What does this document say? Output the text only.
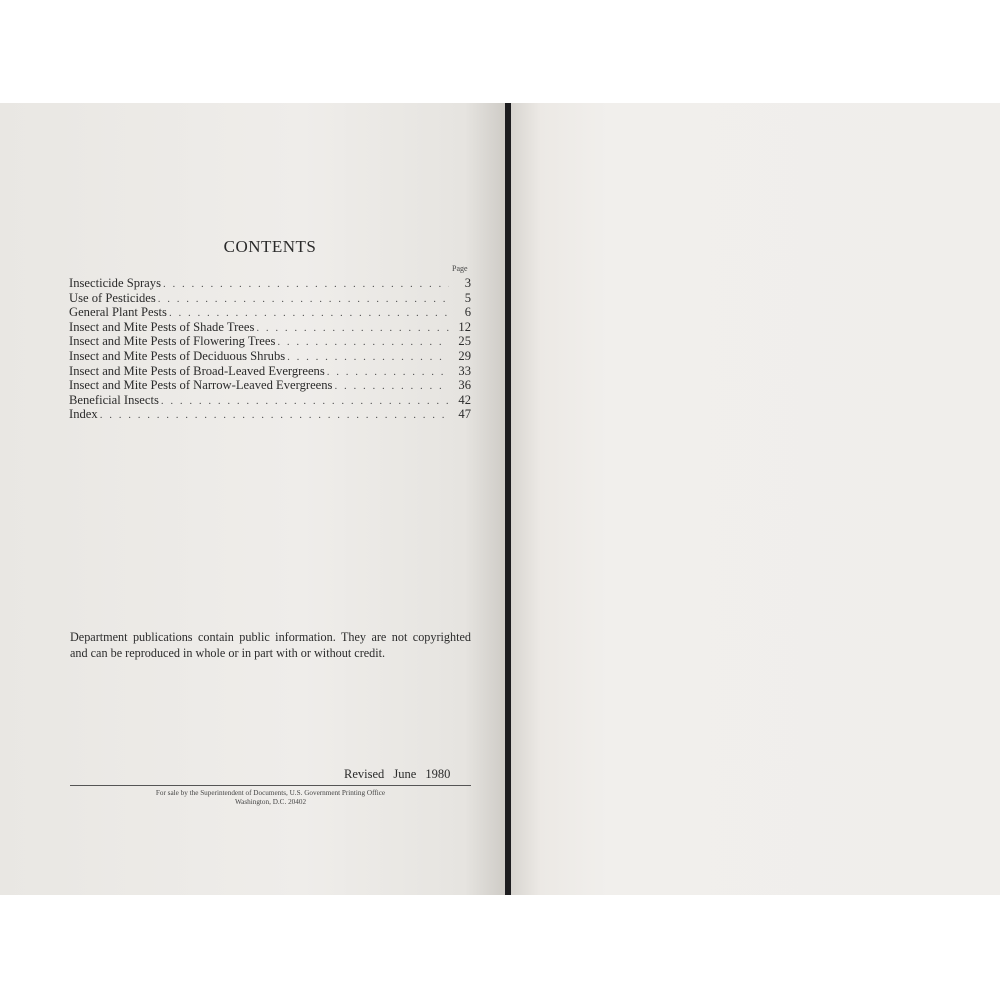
CONTENTS
Page
Insecticide Sprays . . .	3
Use of Pesticides . . .	5
General Plant Pests . . .	6
Insect and Mite Pests of Shade Trees . . .	12
Insect and Mite Pests of Flowering Trees . . .	25
Insect and Mite Pests of Deciduous Shrubs . . .	29
Insect and Mite Pests of Broad-Leaved Evergreens . . .	33
Insect and Mite Pests of Narrow-Leaved Evergreens . . .	36
Beneficial Insects . . .	42
Index . . .	47
Department publications contain public information. They are not copyrighted and can be reproduced in whole or in part with or without credit.
Revised June 1980
For sale by the Superintendent of Documents, U.S. Government Printing Office
Washington, D.C. 20402
